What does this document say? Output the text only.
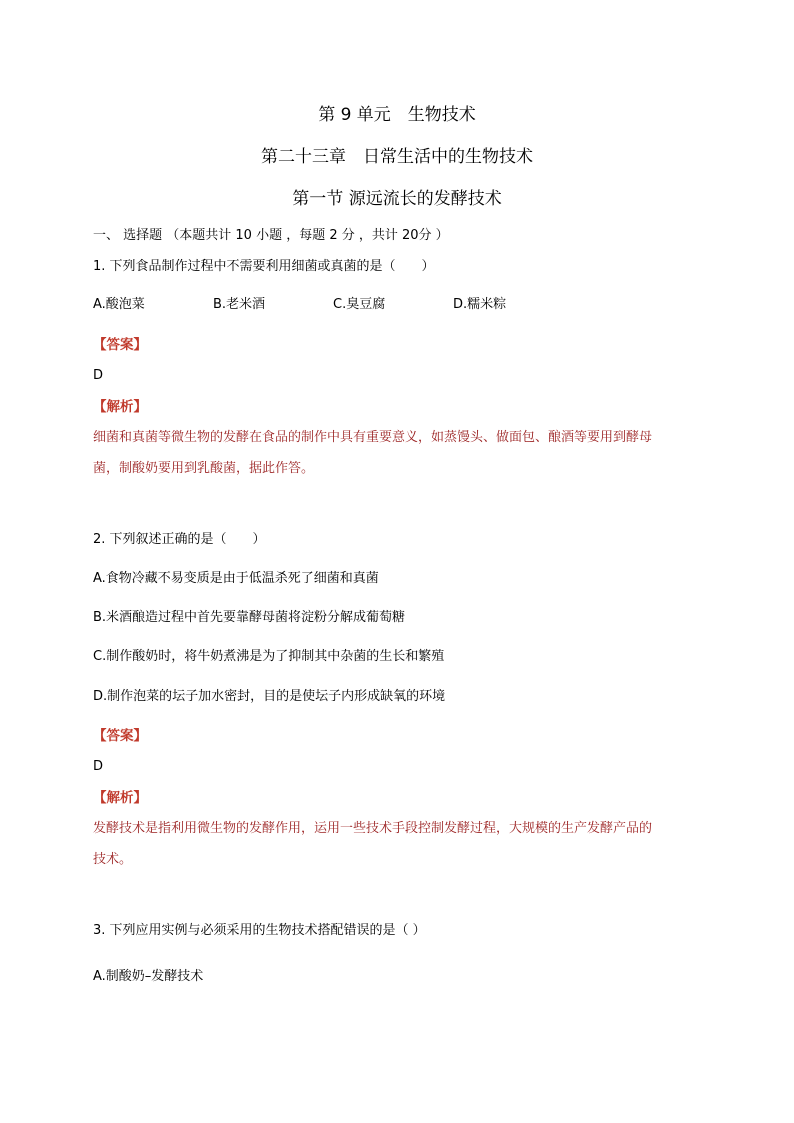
第 9 单元　生物技术
第二十三章　日常生活中的生物技术
第一节 源远流长的发酵技术
一、 选择题 （本题共计 10 小题 ，每题 2 分 ，共计 20分 ）
1. 下列食品制作过程中不需要利用细菌或真菌的是（　　）
A.酸泡菜	B.老米酒	C.臭豆腐	D.糯米粽
【答案】
D
【解析】
细菌和真菌等微生物的发酵在食品的制作中具有重要意义，如蒸馒头、做面包、酿酒等要用到酵母
菌，制酸奶要用到乳酸菌，据此作答。
2. 下列叙述正确的是（　　）
A.食物冷藏不易变质是由于低温杀死了细菌和真菌
B.米酒酿造过程中首先要靠酵母菌将淀粉分解成葡萄糖
C.制作酸奶时，将牛奶煮沸是为了抑制其中杂菌的生长和繁殖
D.制作泡菜的坛子加水密封，目的是使坛子内形成缺氧的环境
【答案】
D
【解析】
发酵技术是指利用微生物的发酵作用，运用一些技术手段控制发酵过程，大规模的生产发酵产品的
技术。
3. 下列应用实例与必须采用的生物技术搭配错误的是（ ）
A.制酸奶–发酵技术
